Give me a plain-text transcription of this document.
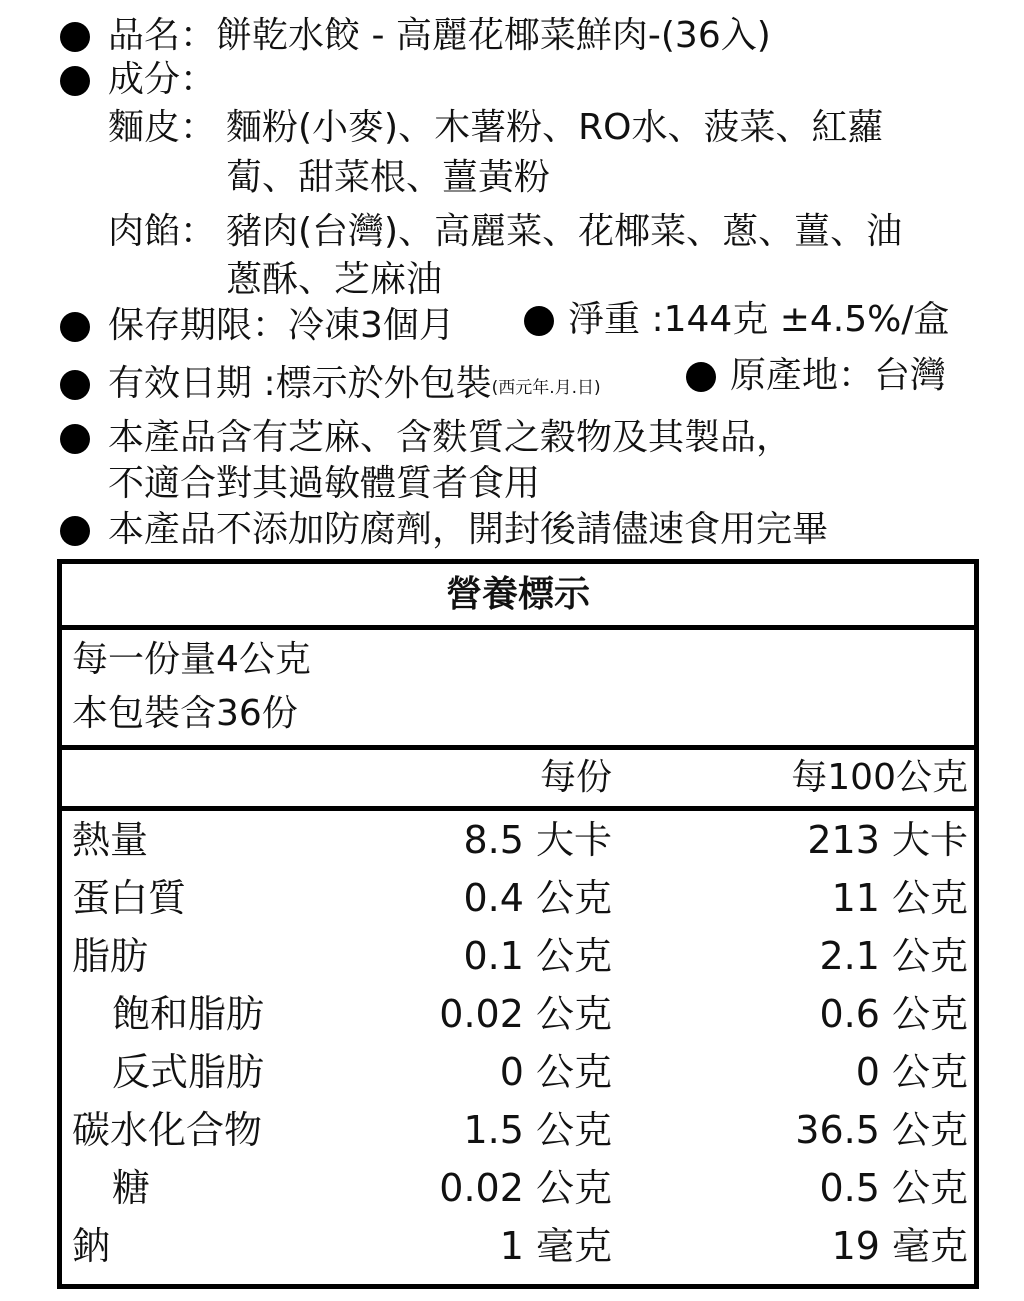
品名：餅乾水餃 - 高麗花椰菜鮮肉-(36入)
成分：
麵皮： 麵粉(小麥)、木薯粉、RO水、菠菜、紅蘿
蔔、甜菜根、薑黃粉
肉餡： 豬肉(台灣)、高麗菜、花椰菜、蔥、薑、油
蔥酥、芝麻油
保存期限：冷凍3個月	淨重 :144克 ±4.5%/盒
有效日期 :標示於外包裝(西元年.月.日)	原產地：台灣
本產品含有芝麻、含麩質之穀物及其製品，
不適合對其過敏體質者食用
本產品不添加防腐劑，開封後請儘速食用完畢
營養標示
每一份量4公克
本包裝含36份
每份	每100公克
熱量	8.5 大卡	213 大卡
蛋白質	0.4 公克	11 公克
脂肪	0.1 公克	2.1 公克
飽和脂肪	0.02 公克	0.6 公克
反式脂肪	0 公克	0 公克
碳水化合物	1.5 公克	36.5 公克
糖	0.02 公克	0.5 公克
鈉	1 毫克	19 毫克
